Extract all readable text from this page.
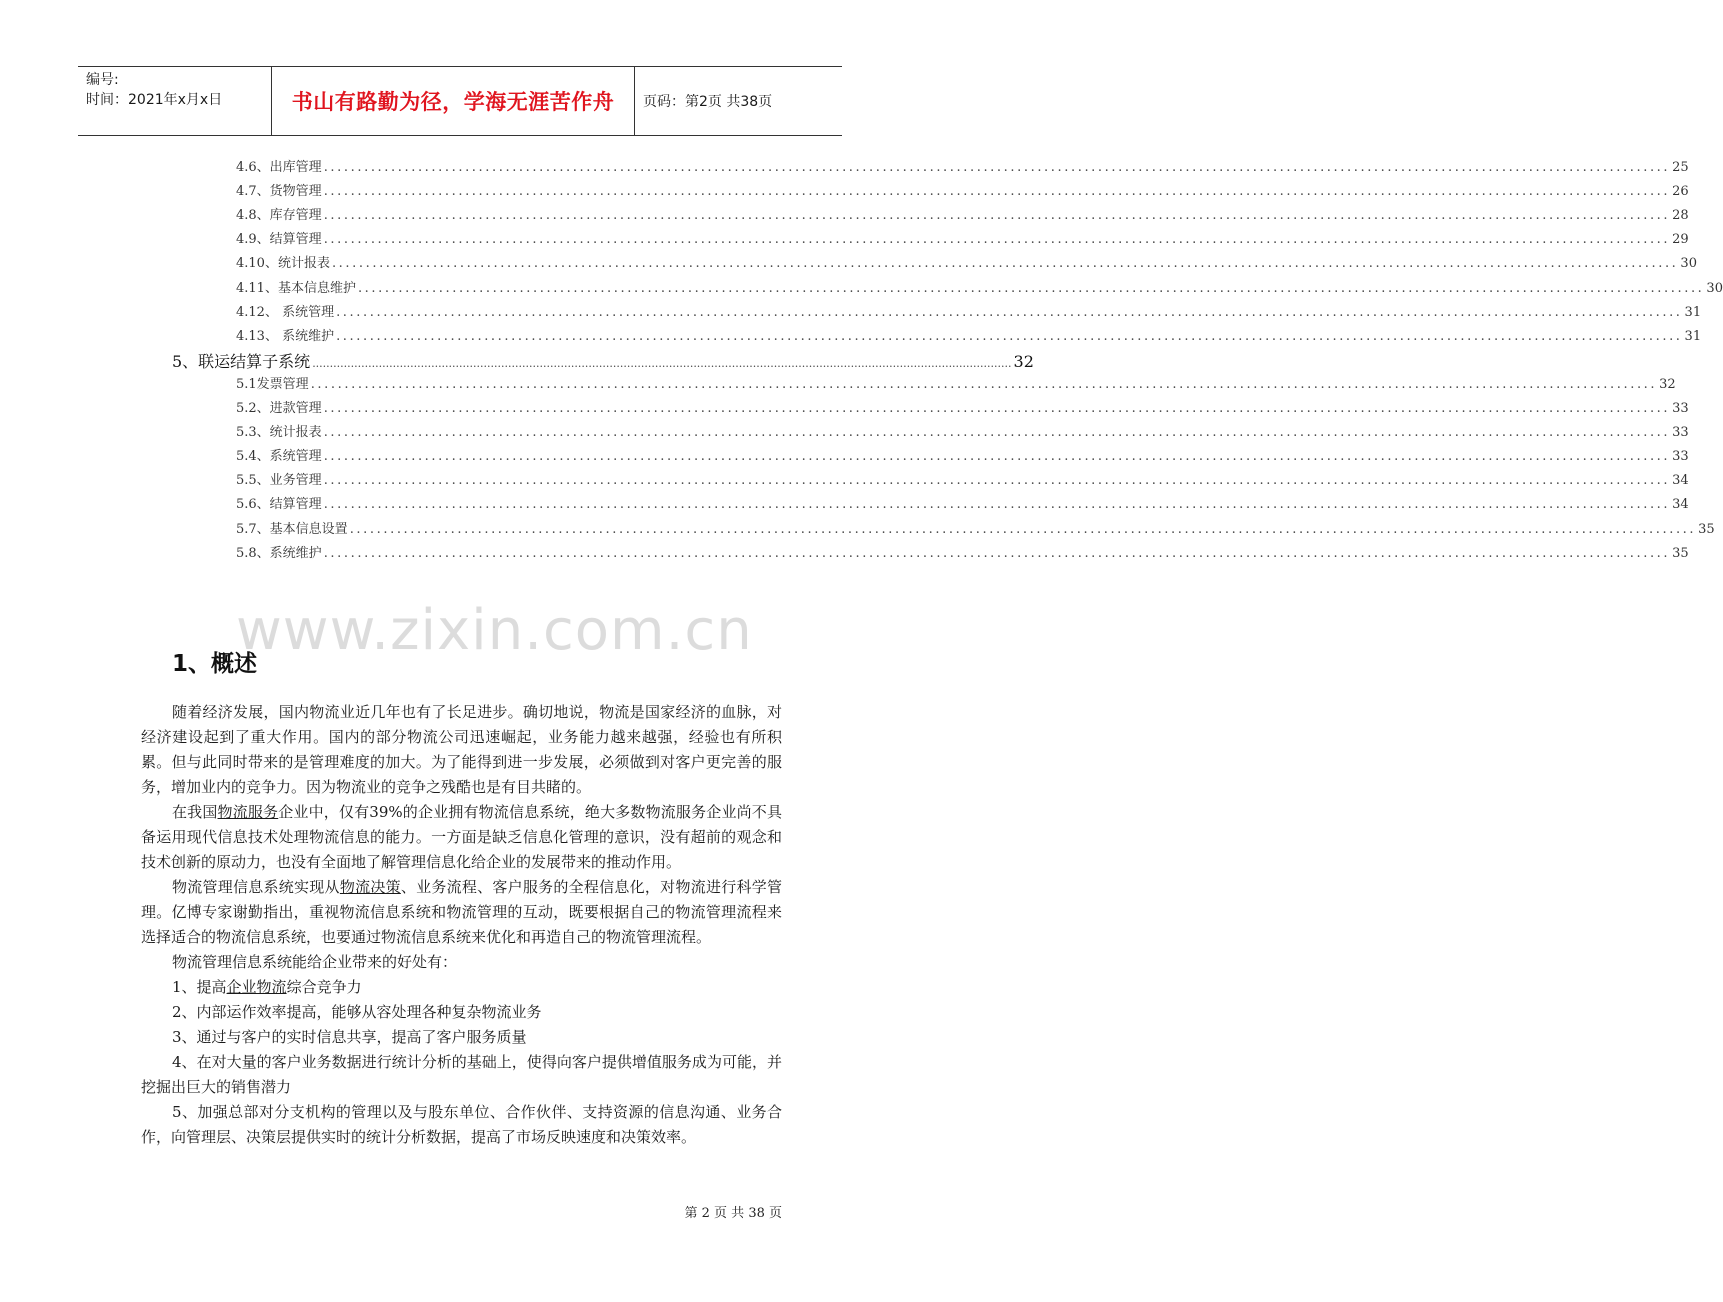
编号:
时间：2021年x月x日	书山有路勤为径，学海无涯苦作舟	页码：第2页 共38页
4.6、出库管理 ........................................................................................................................................................................................................ 25
4.7、货物管理 ........................................................................................................................................................................................................ 26
4.8、库存管理 ........................................................................................................................................................................................................ 28
4.9、结算管理 ........................................................................................................................................................................................................ 29
4.10、统计报表 ........................................................................................................................................................................................................ 30
4.11、基本信息维护 ........................................................................................................................................................................................................ 30
4.12、 系统管理 ........................................................................................................................................................................................................ 31
4.13、 系统维护 ........................................................................................................................................................................................................ 31
5、联运结算子系统 ........................................................................................................................................................................................................ 32
5.1发票管理 ........................................................................................................................................................................................................ 32
5.2、进款管理 ........................................................................................................................................................................................................ 33
5.3、统计报表 ........................................................................................................................................................................................................ 33
5.4、系统管理 ........................................................................................................................................................................................................ 33
5.5、业务管理 ........................................................................................................................................................................................................ 34
5.6、结算管理 ........................................................................................................................................................................................................ 34
5.7、基本信息设置 ........................................................................................................................................................................................................ 35
5.8、系统维护 ........................................................................................................................................................................................................ 35
www.zixin.com.cn
1、概述

随着经济发展，国内物流业近几年也有了长足进步。确切地说，物流是国家经济的血脉，对经济建设起到了重大作用。国内的部分物流公司迅速崛起，业务能力越来越强，经验也有所积累。但与此同时带来的是管理难度的加大。为了能得到进一步发展，必须做到对客户更完善的服务，增加业内的竞争力。因为物流业的竞争之残酷也是有目共睹的。

在我国物流服务企业中，仅有39%的企业拥有物流信息系统，绝大多数物流服务企业尚不具备运用现代信息技术处理物流信息的能力。一方面是缺乏信息化管理的意识，没有超前的观念和技术创新的原动力，也没有全面地了解管理信息化给企业的发展带来的推动作用。

物流管理信息系统实现从物流决策、业务流程、客户服务的全程信息化，对物流进行科学管理。亿博专家谢勤指出，重视物流信息系统和物流管理的互动，既要根据自己的物流管理流程来选择适合的物流信息系统，也要通过物流信息系统来优化和再造自己的物流管理流程。

物流管理信息系统能给企业带来的好处有：

1、提高企业物流综合竞争力

2、内部运作效率提高，能够从容处理各种复杂物流业务

3、通过与客户的实时信息共享，提高了客户服务质量

4、在对大量的客户业务数据进行统计分析的基础上，使得向客户提供增值服务成为可能，并挖掘出巨大的销售潜力

5、加强总部对分支机构的管理以及与股东单位、合作伙伴、支持资源的信息沟通、业务合作，向管理层、决策层提供实时的统计分析数据，提高了市场反映速度和决策效率。

第 2 页 共 38 页
